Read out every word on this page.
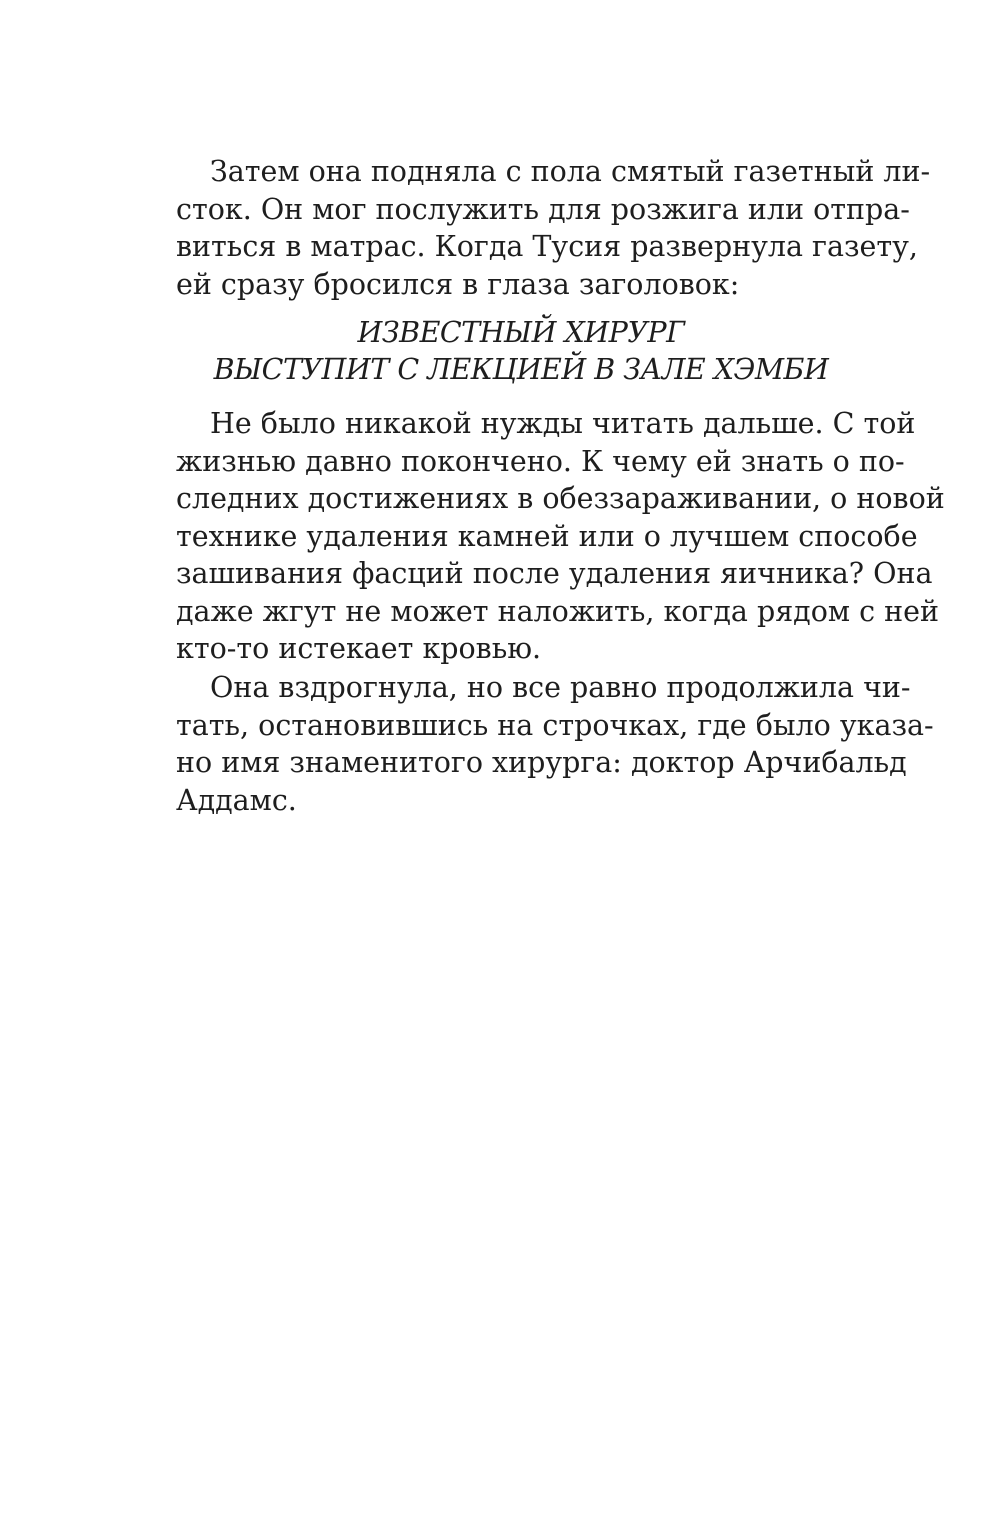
Затем она подняла с пола смятый газетный ли-
сток. Он мог послужить для розжига или отпра-
виться в матрас. Когда Тусия развернула газету,
ей сразу бросился в глаза заголовок:
ИЗВЕСТНЫЙ ХИРУРГ
ВЫСТУПИТ С ЛЕКЦИЕЙ В ЗАЛЕ ХЭМБИ
Не было никакой нужды читать дальше. С той
жизнью давно покончено. К чему ей знать о по-
следних достижениях в обеззараживании, о новой
технике удаления камней или о лучшем способе
зашивания фасций после удаления яичника? Она
даже жгут не может наложить, когда рядом с ней
кто-то истекает кровью.
Она вздрогнула, но все равно продолжила чи-
тать, остановившись на строчках, где было указа-
но имя знаменитого хирурга: доктор Арчибальд
Аддамс.
